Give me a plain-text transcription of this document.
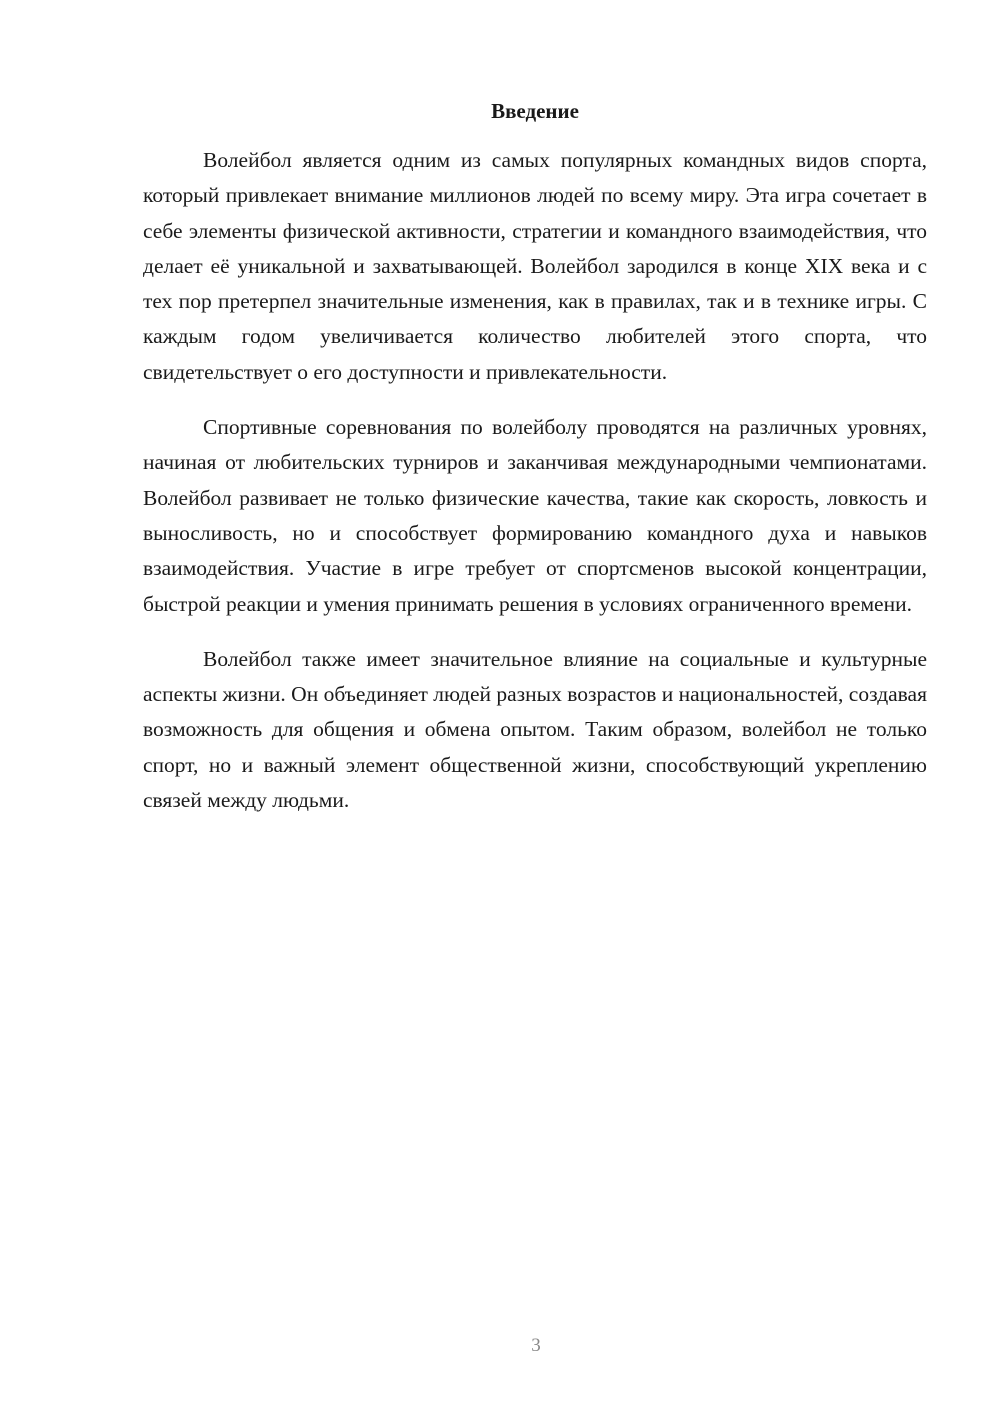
Введение

Волейбол является одним из самых популярных командных видов спорта, который привлекает внимание миллионов людей по всему миру. Эта игра сочетает в себе элементы физической активности, стратегии и командного взаимодействия, что делает её уникальной и захватывающей. Волейбол зародился в конце XIX века и с тех пор претерпел значительные изменения, как в правилах, так и в технике игры. С каждым годом увеличивается количество любителей этого спорта, что свидетельствует о его доступности и привлекательности.

Спортивные соревнования по волейболу проводятся на различных уровнях, начиная от любительских турниров и заканчивая международными чемпионатами. Волейбол развивает не только физические качества, такие как скорость, ловкость и выносливость, но и способствует формированию командного духа и навыков взаимодействия. Участие в игре требует от спортсменов высокой концентрации, быстрой реакции и умения принимать решения в условиях ограниченного времени.

Волейбол также имеет значительное влияние на социальные и культурные аспекты жизни. Он объединяет людей разных возрастов и национальностей, создавая возможность для общения и обмена опытом. Таким образом, волейбол не только спорт, но и важный элемент общественной жизни, способствующий укреплению связей между людьми.

3
